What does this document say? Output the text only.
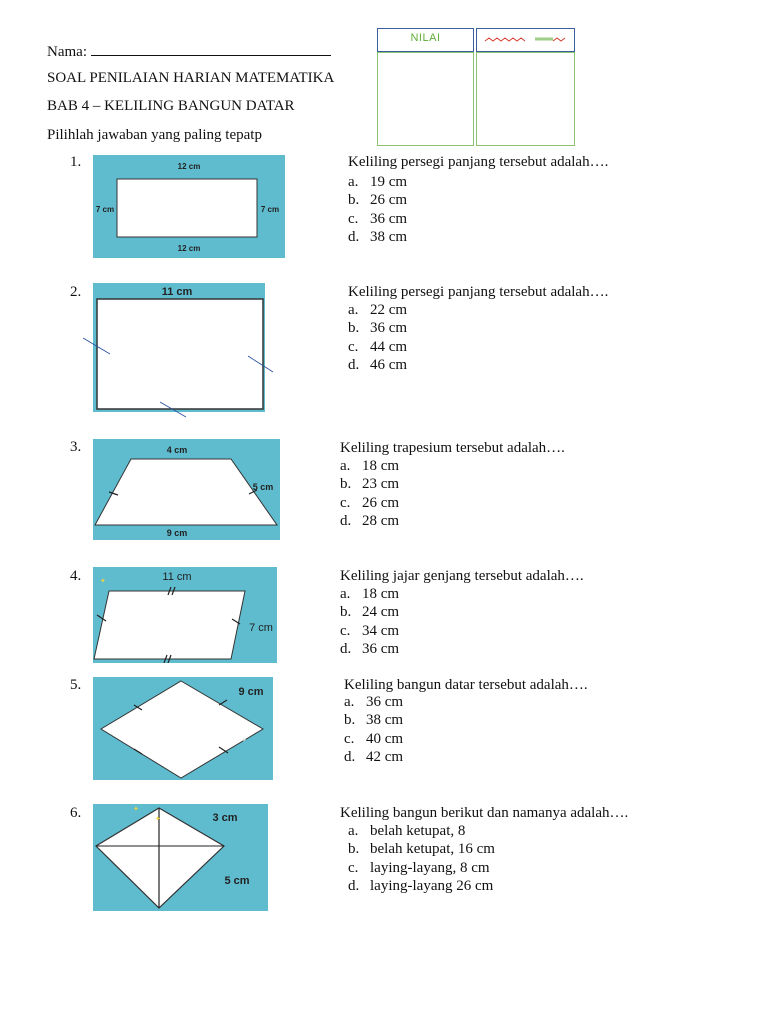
Nama:
SOAL PENILAIAN HARIAN MATEMATIKA
BAB 4 – KELILING BANGUN DATAR
Pilihlah jawaban yang paling tepatp
NILAI
1.	12 cm
12 cm
7 cm	7 cm
Keliling persegi panjang tersebut adalah….
a. 19 cm
b. 26 cm
c. 36 cm
d. 38 cm
2.	11 cm	Keliling persegi panjang tersebut adalah….
a. 22 cm
b. 36 cm
c. 44 cm
d. 46 cm
3.	4 cm
5 cm
9 cm
Keliling trapesium tersebut adalah….
a. 18 cm
b. 23 cm
c. 26 cm
d. 28 cm
4.	11 cm
7 cm
✦	Keliling jajar genjang tersebut adalah….
a. 18 cm
b. 24 cm
c. 34 cm
d. 36 cm
5.	9 cm
✦
Keliling bangun datar tersebut adalah….
a. 36 cm
b. 38 cm
c. 40 cm
d. 42 cm
6.	3 cm
5 cm
✦
✦	Keliling bangun berikut dan namanya adalah….
a. belah ketupat, 8
b. belah ketupat, 16 cm
c. laying-layang, 8 cm
d. laying-layang 26 cm
